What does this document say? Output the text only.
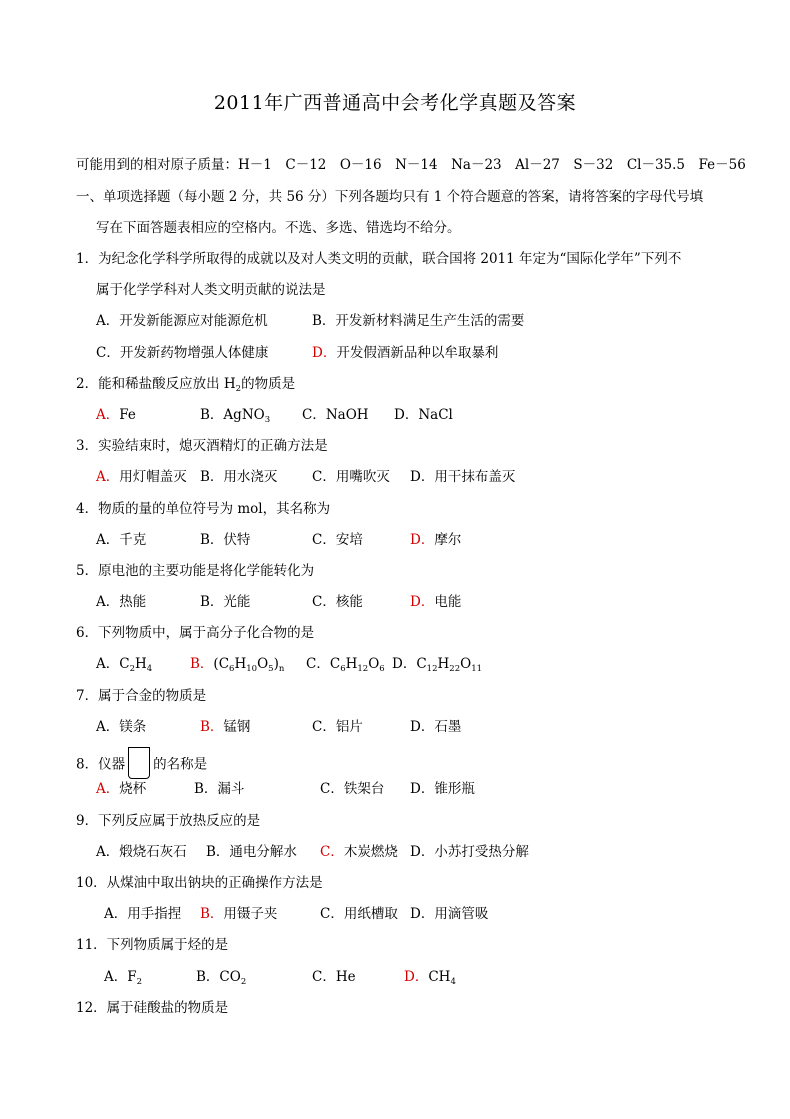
2011年广西普通高中会考化学真题及答案
可能用到的相对原子质量：H－1　C－12　O－16　N－14　Na－23　Al－27　S－32　Cl－35.5　Fe－56
一、单项选择题（每小题 2 分，共 56 分）下列各题均只有 1 个符合题意的答案，请将答案的字母代号填
写在下面答题表相应的空格内。不选、多选、错选均不给分。
1．为纪念化学科学所取得的成就以及对人类文明的贡献，联合国将 2011 年定为“国际化学年”下列不
属于化学学科对人类文明贡献的说法是
A．开发新能源应对能源危机	B．开发新材料满足生产生活的需要
C．开发新药物增强人体健康	D．开发假酒新品种以牟取暴利
2．能和稀盐酸反应放出 $H_2$的物质是
A．Fe	B．AgNO$_3$ C．NaOH D．NaCl
3．实验结束时，熄灭酒精灯的正确方法是
A．用灯帽盖灭 B．用水浇灭	C．用嘴吹灭 D．用干抹布盖灭
4．物质的量的单位符号为 mol，其名称为
A．千克	B．伏特	C．安培	D．摩尔
5．原电池的主要功能是将化学能转化为
A．热能	B．光能	C．核能	D．电能
6．下列物质中，属于高分子化合物的是
A．$C_2H_4$	B．$(C_6H_{10}O_5)_n$ C．$C_6H_{12}O_6$ D．$C_{12}H_{22}O_{11}$
7．属于合金的物质是
A．镁条	B．锰钢	C．铝片	D．石墨
8．仪器 的名称是
A．烧杯	B．漏斗	C．铁架台 D．锥形瓶
9．下列反应属于放热反应的是
A．煅烧石灰石 B．通电分解水 C．木炭燃烧 D．小苏打受热分解
10．从煤油中取出钠块的正确操作方法是
A．用手指捏 B．用镊子夹	C．用纸槽取 D．用滴管吸
11．下列物质属于烃的是
A．$F_2$	B．$CO_2$	C．He	D．$CH_4$
12．属于硅酸盐的物质是
